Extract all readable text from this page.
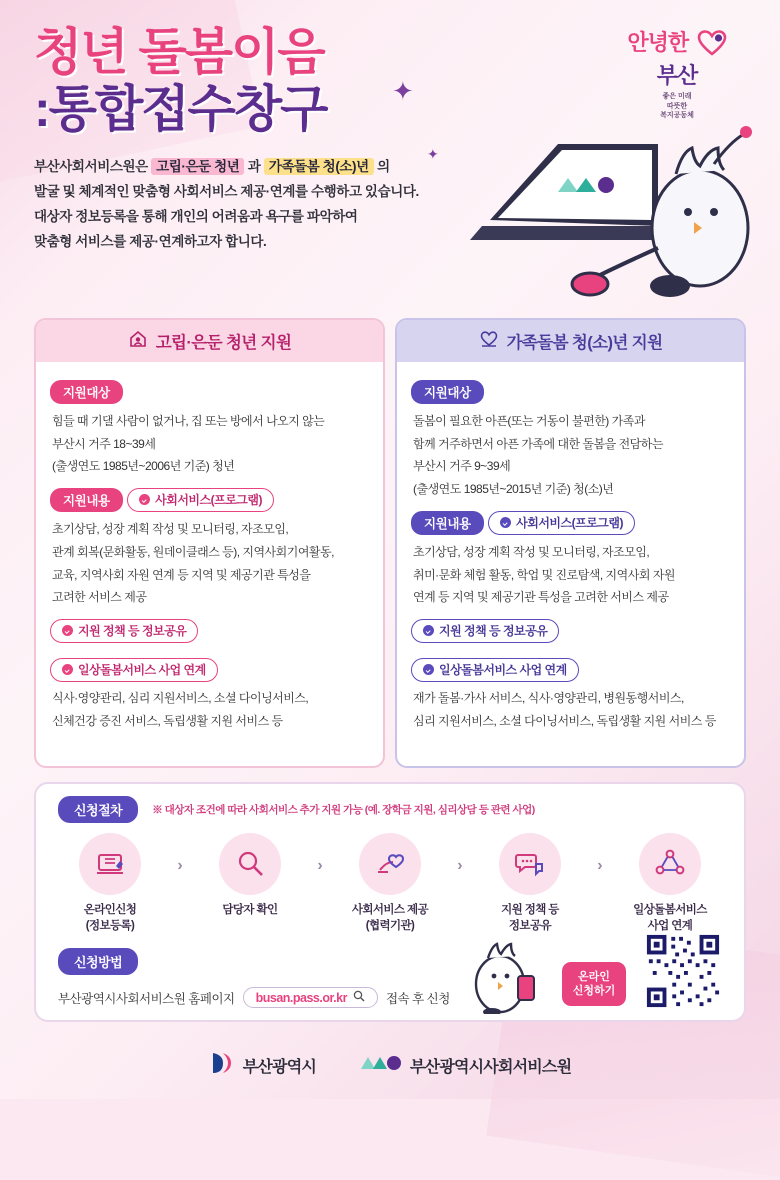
안녕한
부산
좋은 미래
따뜻한
복지공동체
청년 돌봄이음
:통합접수창구
부산사회서비스원은 고립·은둔 청년 과 가족돌봄 청(소)년 의
발굴 및 체계적인 맞춤형 사회서비스 제공·연계를 수행하고 있습니다.
대상자 정보등록을 통해 개인의 어려움과 욕구를 파악하여
맞춤형 서비스를 제공·연계하고자 합니다.
✦
✦
고립·은둔 청년 지원
지원대상
힘들 때 기댈 사람이 없거나, 집 또는 방에서 나오지 않는
부산시 거주 18~39세
(출생연도 1985년~2006년 기준) 청년
지원내용	사회서비스(프로그램)
초기상담, 성장 계획 작성 및 모니터링, 자조모임,
관계 회복(문화활동, 원데이클래스 등), 지역사회기여활동,
교육, 지역사회 자원 연계 등 지역 및 제공기관 특성을
고려한 서비스 제공
지원 정책 등 정보공유

일상돌봄서비스 사업 연계
식사·영양관리, 심리 지원서비스, 소셜 다이닝서비스,
신체건강 증진 서비스, 독립생활 지원 서비스 등
가족돌봄 청(소)년 지원
지원대상
돌봄이 필요한 아픈(또는 거동이 불편한) 가족과
함께 거주하면서 아픈 가족에 대한 돌봄을 전담하는
부산시 거주 9~39세
(출생연도 1985년~2015년 기준) 청(소)년
지원내용	사회서비스(프로그램)
초기상담, 성장 계획 작성 및 모니터링, 자조모임,
취미·문화 체험 활동, 학업 및 진로탐색, 지역사회 자원
연계 등 지역 및 제공기관 특성을 고려한 서비스 제공
지원 정책 등 정보공유

일상돌봄서비스 사업 연계
재가 돌봄·가사 서비스, 식사·영양관리, 병원동행서비스,
심리 지원서비스, 소셜 다이닝서비스, 독립생활 지원 서비스 등
신청절차	※ 대상자 조건에 따라 사회서비스 추가 지원 가능 (예. 장학금 지원, 심리상담 등 관련 사업)
온라인신청
(정보등록)
›
담당자 확인
›
사회서비스 제공
(협력기관)
›
지원 정책 등
정보공유
›
일상돌봄서비스
사업 연계
신청방법
부산광역시사회서비스원 홈페이지 busan.pass.or.kr	접속 후 신청
온라인
신청하기
부산광역시	부산광역시사회서비스원
